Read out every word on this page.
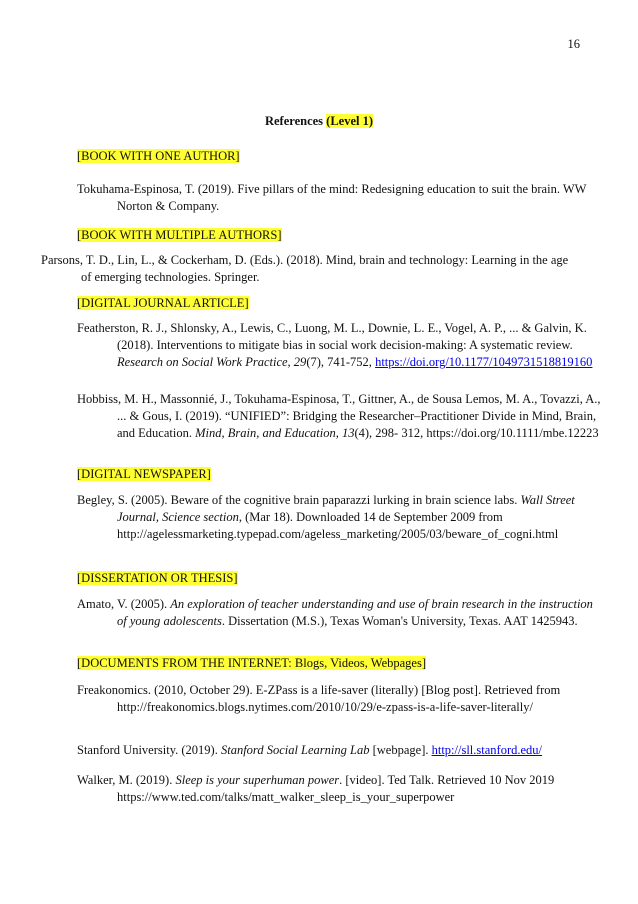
16
References (Level 1)
[BOOK WITH ONE AUTHOR]

Tokuhama-Espinosa, T. (2019). Five pillars of the mind: Redesigning education to suit the brain. WW Norton & Company.

[BOOK WITH MULTIPLE AUTHORS]

Parsons, T. D., Lin, L., & Cockerham, D. (Eds.). (2018). Mind, brain and technology: Learning in the age of emerging technologies. Springer.

[DIGITAL JOURNAL ARTICLE]

Featherston, R. J., Shlonsky, A., Lewis, C., Luong, M. L., Downie, L. E., Vogel, A. P., ... & Galvin, K. (2018). Interventions to mitigate bias in social work decision-making: A systematic review. Research on Social Work Practice, 29(7), 741-752, https://doi.org/10.1177/1049731518819160

Hobbiss, M. H., Massonnié, J., Tokuhama-Espinosa, T., Gittner, A., de Sousa Lemos, M. A., Tovazzi, A., ... & Gous, I. (2019). “UNIFIED”: Bridging the Researcher–Practitioner Divide in Mind, Brain, and Education. Mind, Brain, and Education, 13(4), 298- 312, https://doi.org/10.1111/mbe.12223

[DIGITAL NEWSPAPER]

Begley, S. (2005). Beware of the cognitive brain paparazzi lurking in brain science labs. Wall Street Journal, Science section, (Mar 18). Downloaded 14 de September 2009 from http://agelessmarketing.typepad.com/ageless_marketing/2005/03/beware_of_cogni.html

[DISSERTATION OR THESIS]

Amato, V. (2005). An exploration of teacher understanding and use of brain research in the instruction of young adolescents. Dissertation (M.S.), Texas Woman's University, Texas. AAT 1425943.

[DOCUMENTS FROM THE INTERNET: Blogs, Videos, Webpages]

Freakonomics. (2010, October 29). E-ZPass is a life-saver (literally) [Blog post]. Retrieved from http://freakonomics.blogs.nytimes.com/2010/10/29/e-zpass-is-a-life-saver-literally/

Stanford University. (2019). Stanford Social Learning Lab [webpage]. http://sll.stanford.edu/

Walker, M. (2019). Sleep is your superhuman power. [video]. Ted Talk. Retrieved 10 Nov 2019 https://www.ted.com/talks/matt_walker_sleep_is_your_superpower
